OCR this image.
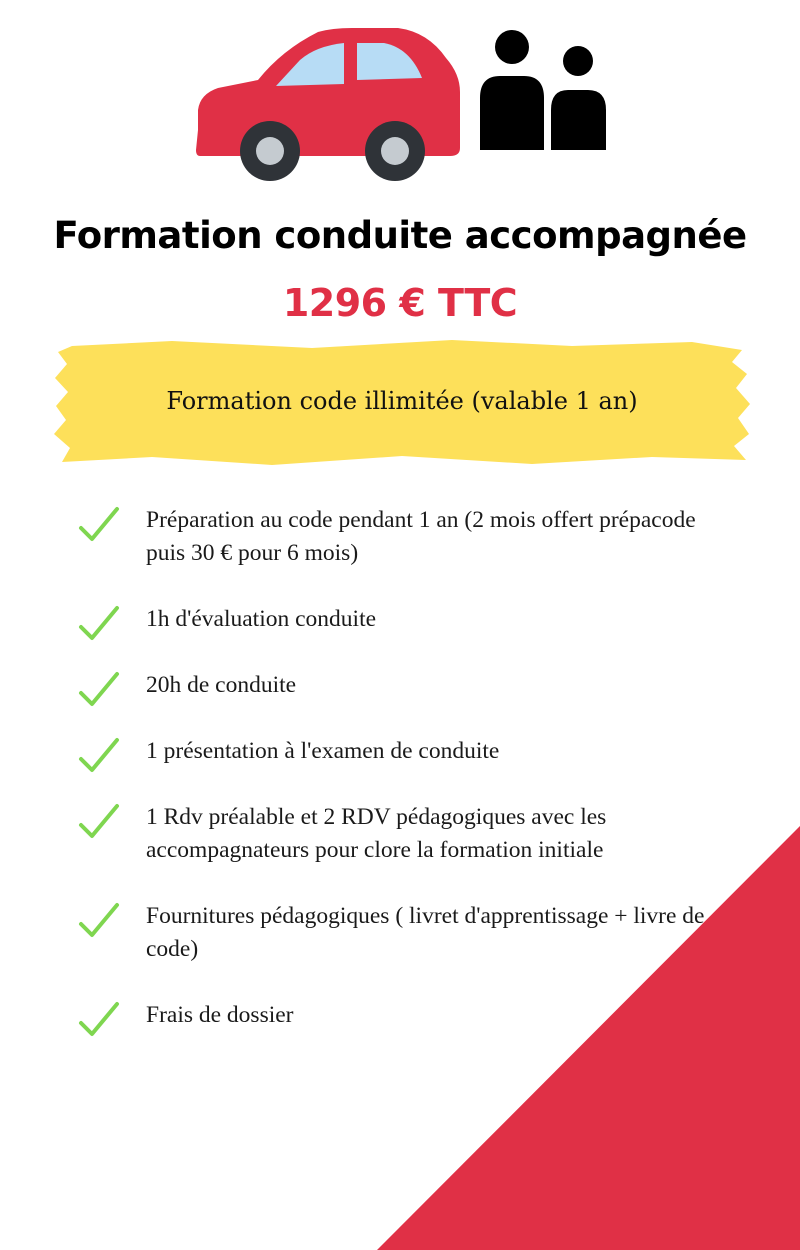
Formation conduite accompagnée
1296 € TTC
Formation code illimitée (valable 1 an)
Préparation au code pendant 1 an (2 mois offert prépacode puis 30 € pour 6 mois)
1h d'évaluation conduite
20h de conduite
1 présentation à l'examen de conduite
1 Rdv préalable et 2 RDV pédagogiques avec les accompagnateurs pour clore la formation initiale
Fournitures pédagogiques ( livret d'apprentissage + livre de code)
Frais de dossier
